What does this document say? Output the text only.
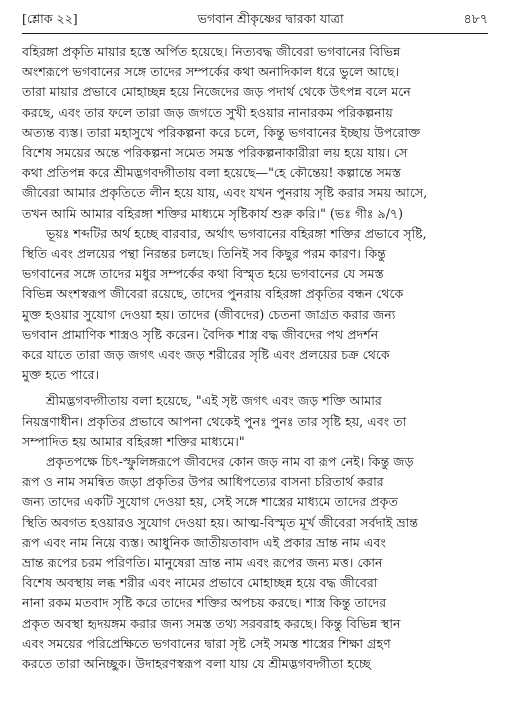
[শ্লোক ২২]	ভগবান শ্রীকৃষ্ণের দ্বারকা যাত্রা	৪৮৭
বহিরঙ্গা প্রকৃতি মায়ার হস্তে অর্পিত হয়েছে। নিত্যবদ্ধ জীবেরা ভগবানের বিভিন্ন
অংশরূপে ভগবানের সঙ্গে তাদের সম্পর্কের কথা অনাদিকাল ধরে ভুলে আছে।
তারা মায়ার প্রভাবে মোহাচ্ছন্ন হয়ে নিজেদের জড় পদার্থ থেকে উৎপন্ন বলে মনে
করছে, এবং তার ফলে তারা জড় জগতে সুখী হওয়ার নানারকম পরিকল্পনায়
অত্যন্ত ব্যস্ত। তারা মহাসুখে পরিকল্পনা করে চলে, কিন্তু ভগবানের ইচ্ছায় উপরোক্ত
বিশেষ সময়ের অন্তে পরিকল্পনা সমেত সমস্ত পরিকল্পনাকারীরা লয় হয়ে যায়। সে
কথা প্রতিপন্ন করে শ্রীমদ্ভগবদ্গীতায় বলা হয়েছে—"হে কৌন্তেয়! কল্পান্তে সমস্ত
জীবেরা আমার প্রকৃতিতে লীন হয়ে যায়, এবং যখন পুনরায় সৃষ্টি করার সময় আসে,
তখন আমি আমার বহিরঙ্গা শক্তির মাধ্যমে সৃষ্টিকার্য শুরু করি।" (ভঃ গীঃ ৯/৭)
ভূয়ঃ শব্দটির অর্থ হচ্ছে বারবার, অর্থাৎ ভগবানের বহিরঙ্গা শক্তির প্রভাবে সৃষ্টি,
স্থিতি এবং প্রলয়ের পন্থা নিরন্তর চলছে। তিনিই সব কিছুর পরম কারণ। কিন্তু
ভগবানের সঙ্গে তাদের মধুর সম্পর্কের কথা বিস্মৃত হয়ে ভগবানের যে সমস্ত
বিভিন্ন অংশস্বরূপ জীবেরা রয়েছে, তাদের পুনরায় বহিরঙ্গা প্রকৃতির বন্ধন থেকে
মুক্ত হওয়ার সুযোগ দেওয়া হয়। তাদের (জীবদের) চেতনা জাগ্রত করার জন্য
ভগবান প্রামাণিক শাস্ত্রও সৃষ্টি করেন। বৈদিক শাস্ত্র বদ্ধ জীবদের পথ প্রদর্শন
করে যাতে তারা জড় জগৎ এবং জড় শরীরের সৃষ্টি এবং প্রলয়ের চক্র থেকে
মুক্ত হতে পারে।
শ্রীমদ্ভগবদ্গীতায় বলা হয়েছে, "এই সৃষ্ট জগৎ এবং জড় শক্তি আমার
নিয়ন্ত্রণাধীন। প্রকৃতির প্রভাবে আপনা থেকেই পুনঃ পুনঃ তার সৃষ্টি হয়, এবং তা
সম্পাদিত হয় আমার বহিরঙ্গা শক্তির মাধ্যমে।"
প্রকৃতপক্ষে চিৎ-স্ফুলিঙ্গরূপে জীবদের কোন জড় নাম বা রূপ নেই। কিন্তু জড়
রূপ ও নাম সমন্বিত জড়া প্রকৃতির উপর আধিপত্যের বাসনা চরিতার্থ করার
জন্য তাদের একটি সুযোগ দেওয়া হয়, সেই সঙ্গে শাস্ত্রের মাধ্যমে তাদের প্রকৃত
স্থিতি অবগত হওয়ারও সুযোগ দেওয়া হয়। আত্ম-বিস্মৃত মূর্খ জীবেরা সর্বদাই ভ্রান্ত
রূপ এবং নাম নিয়ে ব্যস্ত। আধুনিক জাতীয়তাবাদ এই প্রকার ভ্রান্ত নাম এবং
ভ্রান্ত রূপের চরম পরিণতি। মানুষেরা ভ্রান্ত নাম এবং রূপের জন্য মত্ত। কোন
বিশেষ অবস্থায় লব্ধ শরীর এবং নামের প্রভাবে মোহাচ্ছন্ন হয়ে বদ্ধ জীবেরা
নানা রকম মতবাদ সৃষ্টি করে তাদের শক্তির অপচয় করছে। শাস্ত্র কিন্তু তাদের
প্রকৃত অবস্থা হৃদয়ঙ্গম করার জন্য সমস্ত তথ্য সরবরাহ করছে। কিন্তু বিভিন্ন স্থান
এবং সময়ের পরিপ্রেক্ষিতে ভগবানের দ্বারা সৃষ্ট সেই সমস্ত শাস্ত্রের শিক্ষা গ্রহণ
করতে তারা অনিচ্ছুক। উদাহরণস্বরূপ বলা যায় যে শ্রীমদ্ভগবদ্গীতা হচ্ছে
